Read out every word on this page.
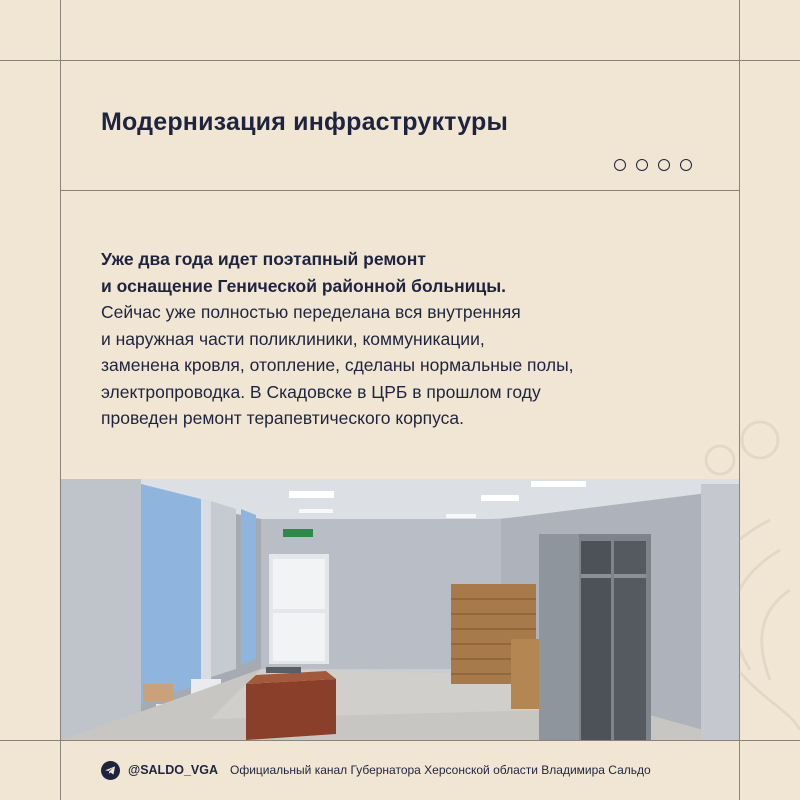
Модернизация инфраструктуры
Уже два года идет поэтапный ремонт
и оснащение Генической районной больницы.
Сейчас уже полностью переделана вся внутренняя
и наружная части поликлиники, коммуникации,
заменена кровля, отопление, сделаны нормальные полы,
электропроводка. В Скадовске в ЦРБ в прошлом году
проведен ремонт терапевтического корпуса.
@SALDO_VGA Официальный канал Губернатора Херсонской области Владимира Сальдо
